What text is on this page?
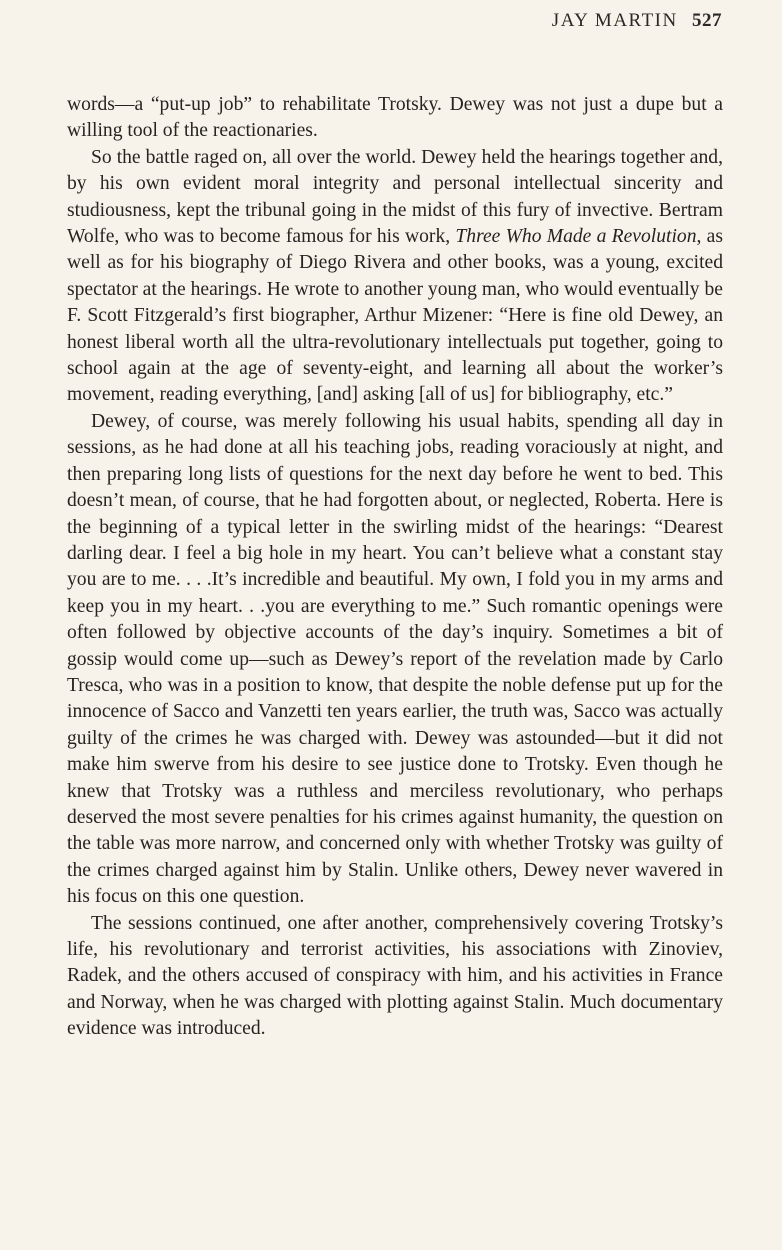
JAY MARTIN 527

words—a “put-up job” to rehabilitate Trotsky. Dewey was not just a dupe but a willing tool of the reactionaries.

So the battle raged on, all over the world. Dewey held the hearings together and, by his own evident moral integrity and personal intellectual sincerity and studiousness, kept the tribunal going in the midst of this fury of invective. Bertram Wolfe, who was to become famous for his work, Three Who Made a Revolution, as well as for his biography of Diego Rivera and other books, was a young, excited spectator at the hearings. He wrote to another young man, who would eventually be F. Scott Fitzgerald’s first biographer, Arthur Mizener: “Here is fine old Dewey, an honest liberal worth all the ultra-revolutionary intellectuals put together, going to school again at the age of seventy-eight, and learning all about the worker’s movement, reading everything, [and] asking [all of us] for bibliography, etc.”

Dewey, of course, was merely following his usual habits, spending all day in sessions, as he had done at all his teaching jobs, reading voraciously at night, and then preparing long lists of questions for the next day before he went to bed. This doesn’t mean, of course, that he had forgotten about, or neglected, Roberta. Here is the beginning of a typical letter in the swirling midst of the hearings: “Dearest darling dear. I feel a big hole in my heart. You can’t believe what a constant stay you are to me. . . .It’s incredible and beautiful. My own, I fold you in my arms and keep you in my heart. . .you are everything to me.” Such romantic openings were often followed by objective accounts of the day’s inquiry. Sometimes a bit of gossip would come up—such as Dewey’s report of the revelation made by Carlo Tresca, who was in a position to know, that despite the noble defense put up for the innocence of Sacco and Vanzetti ten years earlier, the truth was, Sacco was actually guilty of the crimes he was charged with. Dewey was astounded—but it did not make him swerve from his desire to see justice done to Trotsky. Even though he knew that Trotsky was a ruthless and merciless revolutionary, who perhaps deserved the most severe penalties for his crimes against humanity, the question on the table was more narrow, and concerned only with whether Trotsky was guilty of the crimes charged against him by Stalin. Unlike others, Dewey never wavered in his focus on this one question.

The sessions continued, one after another, comprehensively covering Trotsky’s life, his revolutionary and terrorist activities, his associations with Zinoviev, Radek, and the others accused of conspiracy with him, and his activities in France and Norway, when he was charged with plotting against Stalin. Much documentary evidence was introduced.
